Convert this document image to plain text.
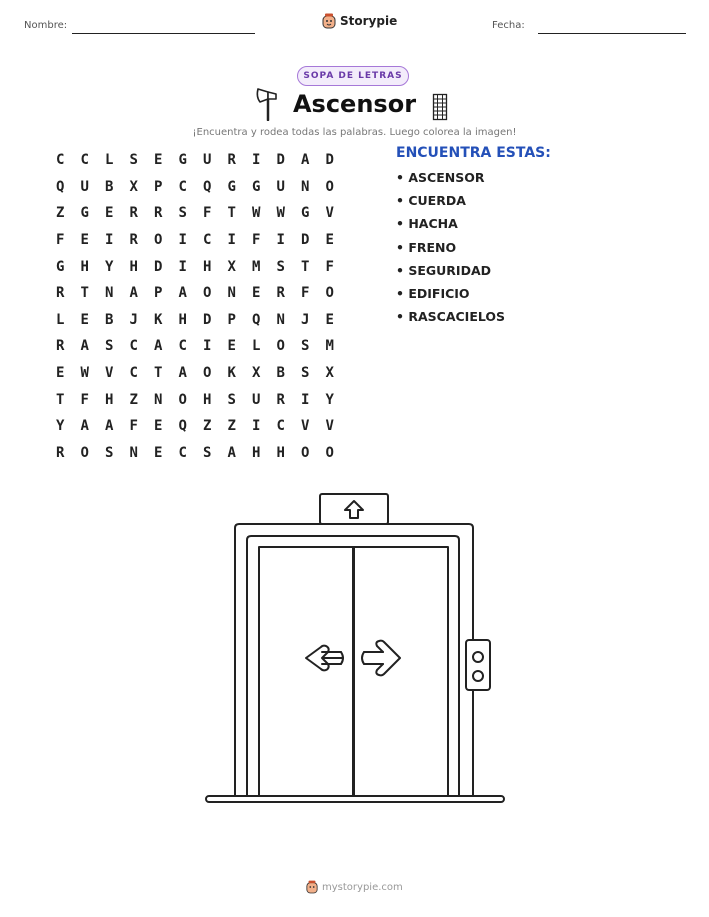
Nombre:	Storypie	Fecha:
SOPA DE LETRAS
Ascensor
¡Encuentra y rodea todas las palabras. Luego colorea la imagen!
C	C	L	S	E	G	U	R	I	D	A	D
Q	U	B	X	P	C	Q	G	G	U	N	O
Z	G	E	R	R	S	F	T	W	W	G	V
F	E	I	R	O	I	C	I	F	I	D	E
G	H	Y	H	D	I	H	X	M	S	T	F
R	T	N	A	P	A	O	N	E	R	F	O
L	E	B	J	K	H	D	P	Q	N	J	E
R	A	S	C	A	C	I	E	L	O	S	M
E	W	V	C	T	A	O	K	X	B	S	X
T	F	H	Z	N	O	H	S	U	R	I	Y
Y	A	A	F	E	Q	Z	Z	I	C	V	V
R	O	S	N	E	C	S	A	H	H	O	O
ENCUENTRA ESTAS:
• ASCENSOR
• CUERDA
• HACHA
• FRENO
• SEGURIDAD
• EDIFICIO
• RASCACIELOS
mystorypie.com
